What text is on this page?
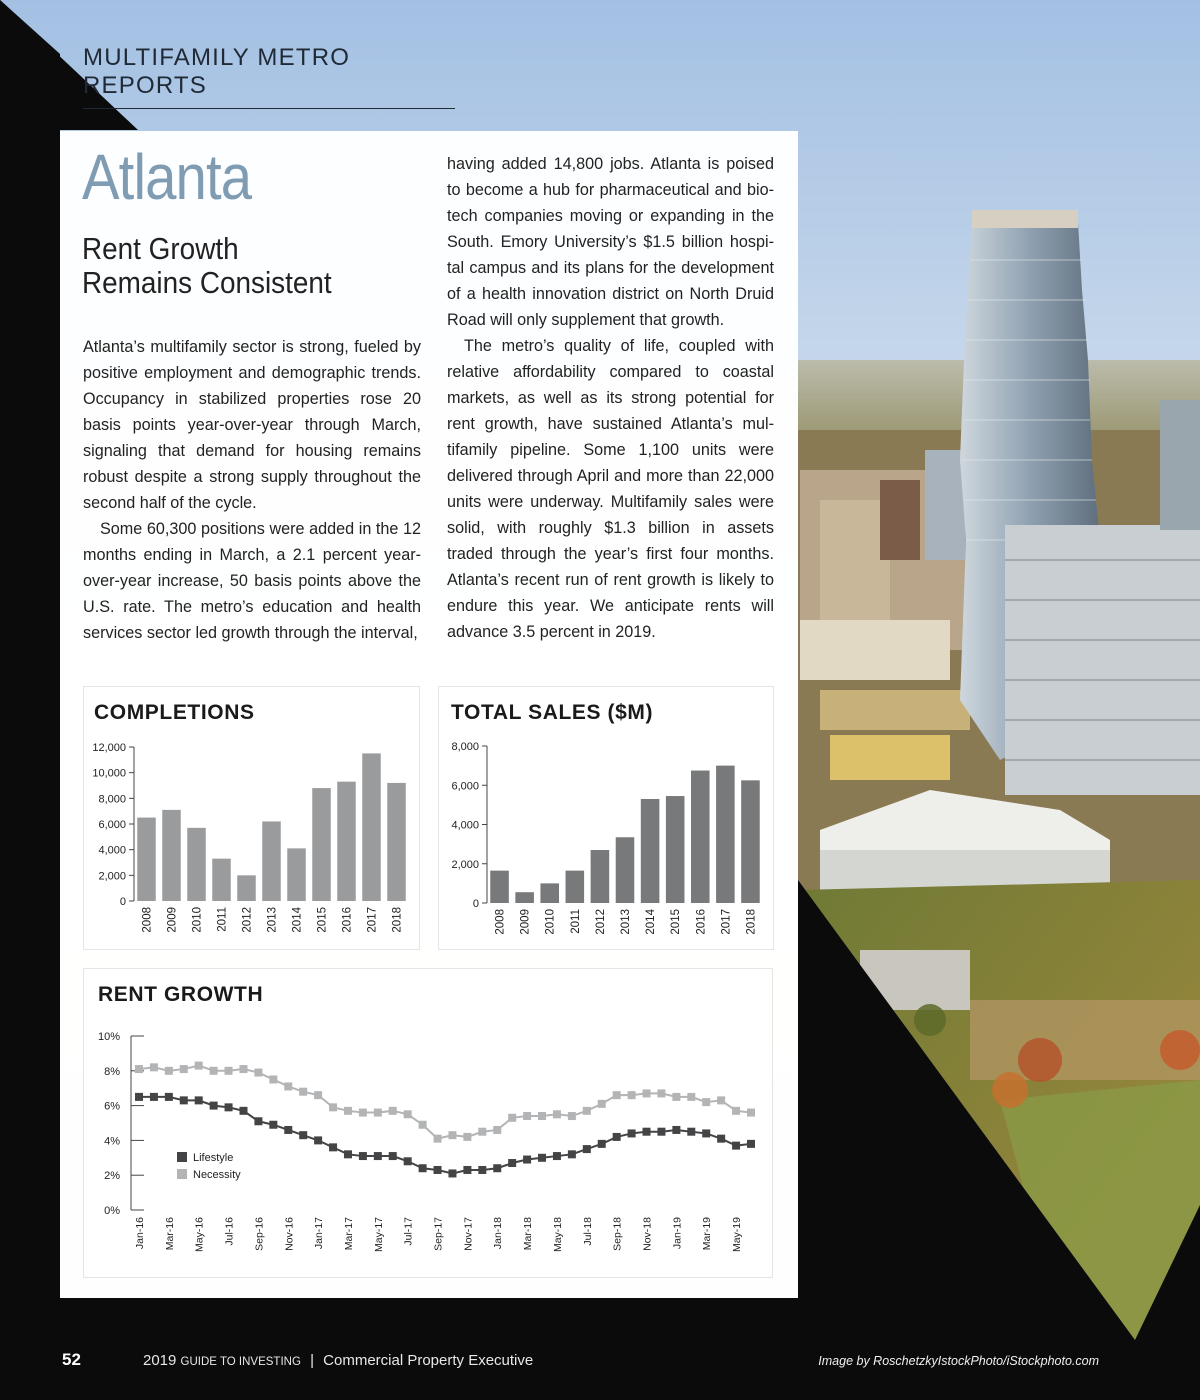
MULTIFAMILY METRO REPORTS
Atlanta
Rent Growth
Remains Consistent

Atlanta’s multifamily sector is strong, fueled by positive employment and demographic trends. Occupancy in stabilized properties rose 20 basis points year-over-year through March, signaling that demand for housing remains robust despite a strong supply throughout the second half of the cycle.

Some 60,300 positions were added in the 12 months ending in March, a 2.1 percent year-over-year increase, 50 basis points above the U.S. rate. The metro’s education and health services sector led growth through the interval,

having added 14,800 jobs. Atlanta is poised to become a hub for pharmaceutical and biotech companies moving or expanding in the South. Emory University’s $1.5 billion hospital campus and its plans for the development of a health innovation district on North Druid Road will only supplement that growth.

The metro’s quality of life, coupled with relative affordability compared to coastal markets, as well as its strong potential for rent growth, have sustained Atlanta’s multifamily pipeline. Some 1,100 units were delivered through April and more than 22,000 units were underway. Multifamily sales were solid, with roughly $1.3 billion in assets traded through the year’s first four months. Atlanta’s recent run of rent growth is likely to endure this year. We anticipate rents will advance 3.5 percent in 2019.

COMPLETIONS
0
2,000
4,000
6,000
8,000
10,000
12,000
2008 2009 2010 2011 2012 2013 2014 2015 2016 2017 2018
TOTAL SALES ($M)
0
2,000
4,000
6,000
8,000
2008 2009 2010 2011 2012 2013 2014 2015 2016 2017 2018
RENT GROWTH
0%
2%
4%
6%
8%
10%
Jan-16 Mar-16 May-16 Jul-16 Sep-16 Nov-16 Jan-17 Mar-17 May-17 Jul-17 Sep-17 Nov-17 Jan-18 Mar-18 May-18 Jul-18 Sep-18 Nov-18 Jan-19 Mar-19 May-19
Lifestyle
Necessity
52	2019 GUIDE TO INVESTING | Commercial Property Executive	Image by RoschetzkyIstockPhoto/iStockphoto.com
